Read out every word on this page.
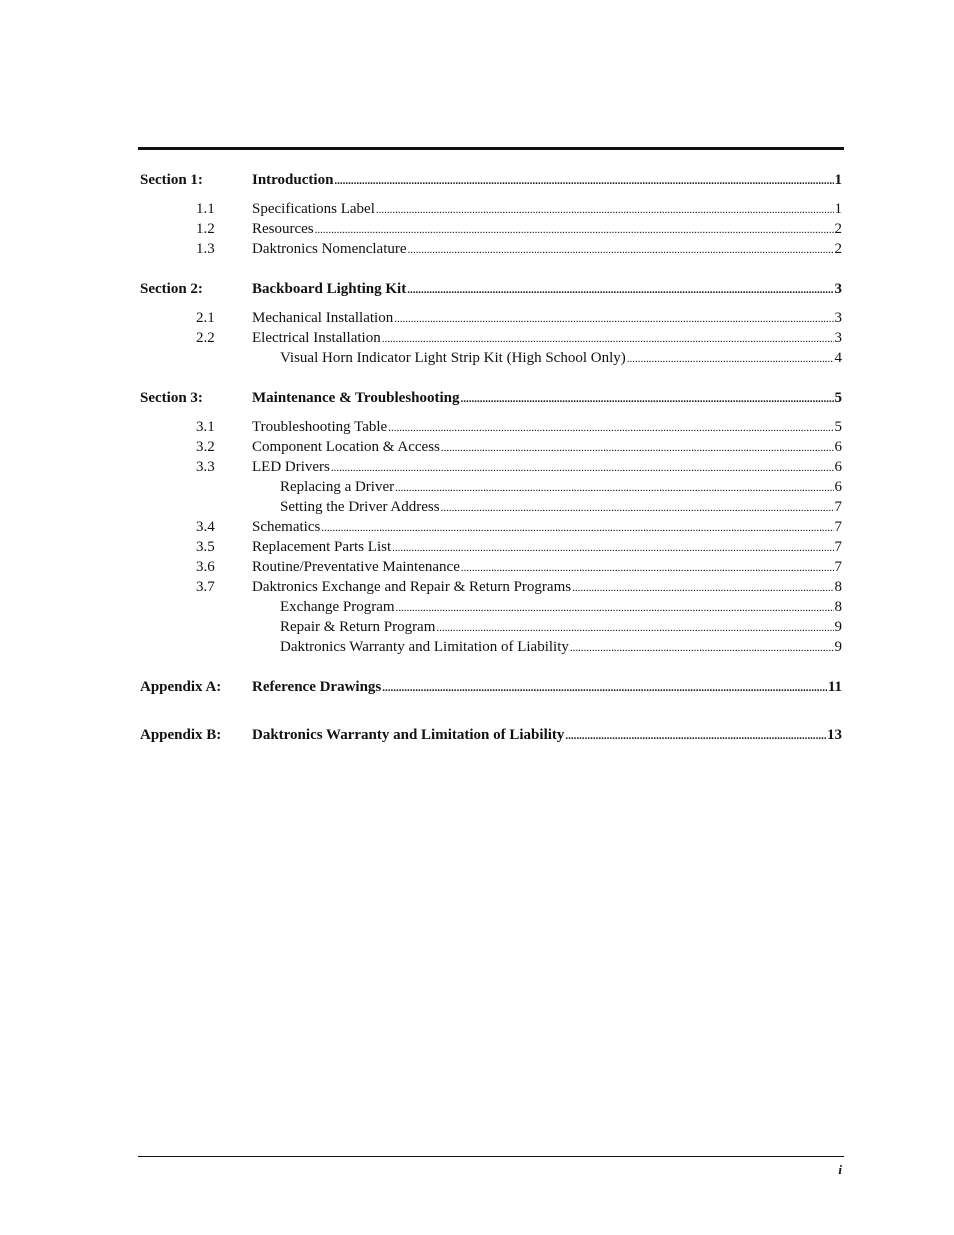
Section 1:	Introduction .....	1
1.1	Specifications Label .....	1
1.2	Resources .....	2
1.3	Daktronics Nomenclature .....	2
Section 2:	Backboard Lighting Kit .....	3
2.1	Mechanical Installation .....	3
2.2	Electrical Installation .....	3
Visual Horn Indicator Light Strip Kit (High School Only) .....	4
Section 3:	Maintenance & Troubleshooting .....	5
3.1	Troubleshooting Table .....	5
3.2	Component Location & Access .....	6
3.3	LED Drivers .....	6
Replacing a Driver .....	6
Setting the Driver Address .....	7
3.4	Schematics .....	7
3.5	Replacement Parts List .....	7
3.6	Routine/Preventative Maintenance .....	7
3.7	Daktronics Exchange and Repair & Return Programs .....	8
Exchange Program .....	8
Repair & Return Program .....	9
Daktronics Warranty and Limitation of Liability .....	9
Appendix A:	Reference Drawings .....	11
Appendix B:	Daktronics Warranty and Limitation of Liability .....	13
i
